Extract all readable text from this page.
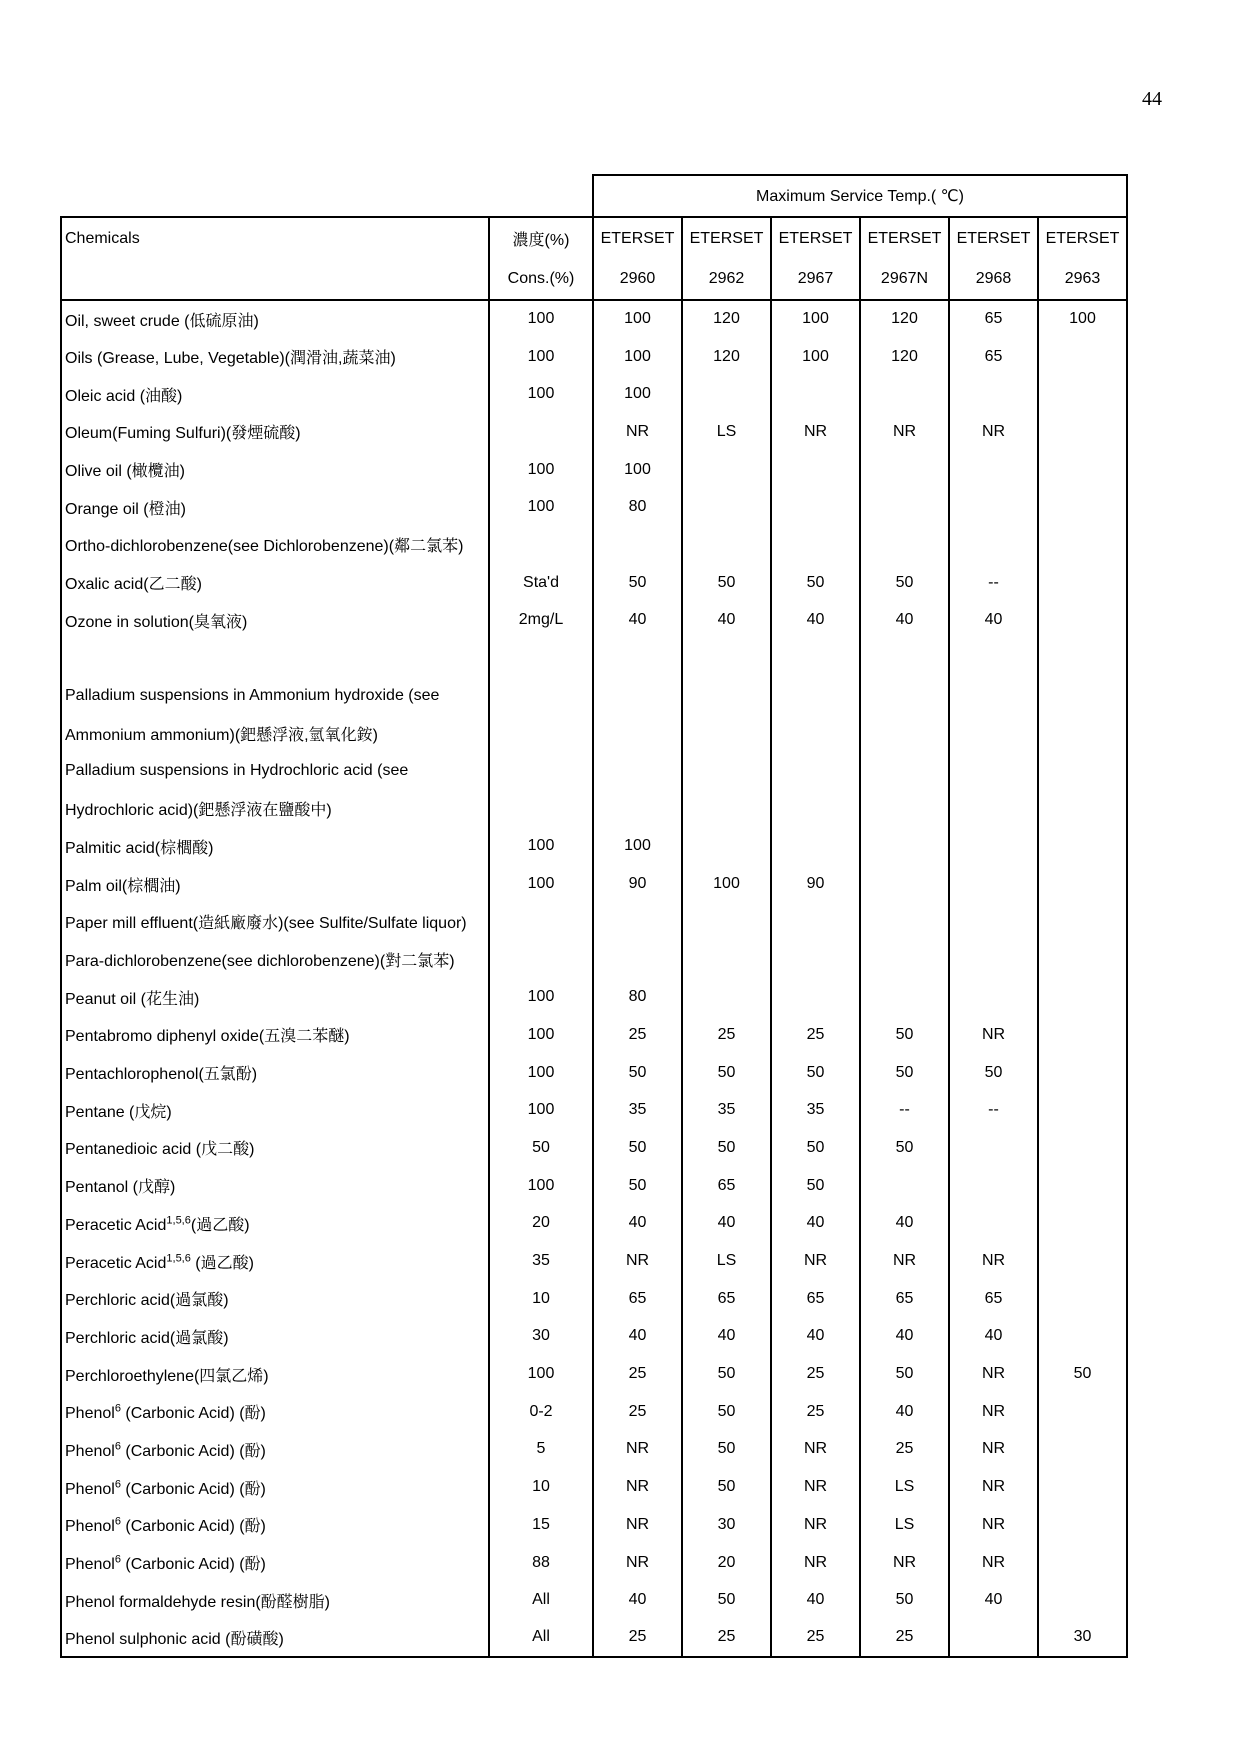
44
		Maximum Service Temp.( ℃)					
Chemicals	濃度(%)	ETERSET	ETERSET	ETERSET	ETERSET	ETERSET	ETERSET
	Cons.(%)	2960	2962	2967	2967N	2968	2963
Oil, sweet crude (低硫原油)	100	100	120	100	120	65	100
Oils (Grease, Lube, Vegetable)(潤滑油,蔬菜油)	100	100	120	100	120	65	
Oleic acid (油酸)	100	100					
Oleum(Fuming Sulfuri)(發煙硫酸)		NR	LS	NR	NR	NR	
Olive oil (橄欖油)	100	100					
Orange oil (橙油)	100	80					
Ortho-dichlorobenzene(see Dichlorobenzene)(鄰二氯苯)							
Oxalic acid(乙二酸)	Sta'd	50	50	50	50	--	
Ozone in solution(臭氧液)	2mg/L	40	40	40	40	40	

Palladium suspensions in Ammonium hydroxide (see							
Ammonium ammonium)(鈀懸浮液,氫氧化銨)							
Palladium suspensions in Hydrochloric acid (see							
Hydrochloric acid)(鈀懸浮液在鹽酸中)							
Palmitic acid(棕櫚酸)	100	100					
Palm oil(棕櫚油)	100	90	100	90			
Paper mill effluent(造紙廠廢水)(see Sulfite/Sulfate liquor)							
Para-dichlorobenzene(see dichlorobenzene)(對二氯苯)							
Peanut oil (花生油)	100	80					
Pentabromo diphenyl oxide(五溴二苯醚)	100	25	25	25	50	NR	
Pentachlorophenol(五氯酚)	100	50	50	50	50	50	
Pentane (戊烷)	100	35	35	35	--	--	
Pentanedioic acid (戊二酸)	50	50	50	50	50		
Pentanol (戊醇)	100	50	65	50			
Peracetic Acid$^{1,5,6}$(過乙酸)	20	40	40	40	40		
Peracetic Acid$^{1,5,6}$ (過乙酸)	35	NR	LS	NR	NR	NR	
Perchloric acid(過氯酸)	10	65	65	65	65	65	
Perchloric acid(過氯酸)	30	40	40	40	40	40	
Perchloroethylene(四氯乙烯)	100	25	50	25	50	NR	50
Phenol$^6$ (Carbonic Acid) (酚)	0-2	25	50	25	40	NR	
Phenol$^6$ (Carbonic Acid) (酚)	5	NR	50	NR	25	NR	
Phenol$^6$ (Carbonic Acid) (酚)	10	NR	50	NR	LS	NR	
Phenol$^6$ (Carbonic Acid) (酚)	15	NR	30	NR	LS	NR	
Phenol$^6$ (Carbonic Acid) (酚)	88	NR	20	NR	NR	NR	
Phenol formaldehyde resin(酚醛樹脂)	All	40	50	40	50	40	
Phenol sulphonic acid (酚磺酸)	All	25	25	25	25		30
